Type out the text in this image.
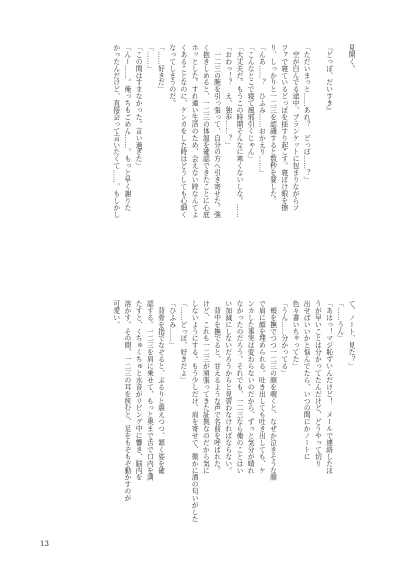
見開く。

『どっぽ、だいすき』

「ただいまっと……あれ？　どっぽ……？」
　空が白んでる途中、ブランケットに包まりながらソ
ファで寝ているどっぽを揺すり起こす。寝ぼけ眼を擦
り、しっかりと一二三を認識すると数秒を要した。
「んあ……？　ひふみ……おかえり……」
「こんなとこで寝て風邪引くじゃん」
「大丈夫だ。もうこの時期そんなに寒くないしな。……
「おわっ！？　え、独歩……？」
　一二三の腕を引っ張って、自分の方へ引き寄せた。強
く抱きしめると、一二三の体温を確認できたことに心底
ホッとした。すれ違い生活のため、会えない時なんてよ
くあることなのに、ケンカをした時はどうしても心細く
なってしまうのだ。
「……好きだ」
「……」
「この間はすまなかった。言い過ぎた」
「んー……。俺っちもごめん……。もっと早く謝りた
かったんだけど、直接会って言いたくて……。もしかし
て、ノート、見た？」
「……うん」
「あはっ！マジ恥ずいんだけど！　メールで連絡したほ
うが早いことは分かってたんだけど、どうやって切り
出せばいいかと悩んでたら、いつの間にかノートに
色々書いちゃってた」
「うん……分かってる」
　頬を撫でつつ一二三の顔を覗くと、なぜか泣きそうな顔
で肩に顔を埋められる。吐き出しても吐き出しても、ケ
ンカした事実は変わらないのだから、ずっと気分が晴れ
なかったのだろう。それでも、一二三なら俺のことはい
い加減にしないだろうからと見習わなければならない。
　背中を撫でると、甘えるような声で名前を呼ばれた。
けど、これも一二三が頑張ってきた証拠なのだから気に
しないようにする。もう少しだけ、肩を寄せて、微かに酒の匂いがした
「……どっぽ、好きだよ」
「ひふみ……」
　背骨を指でなぞると、ぶるりと震えつつ、頷く姿を確
認する。一二三を肩に乗せて、もっと奥まで舌で口内を満
たすと、くちゅくちゅと水音がリビング中に響き、脳内を
溶かす。その間、一二三の耳を挟むと、足をもぞもぞ動かすのが
可愛い。
13
